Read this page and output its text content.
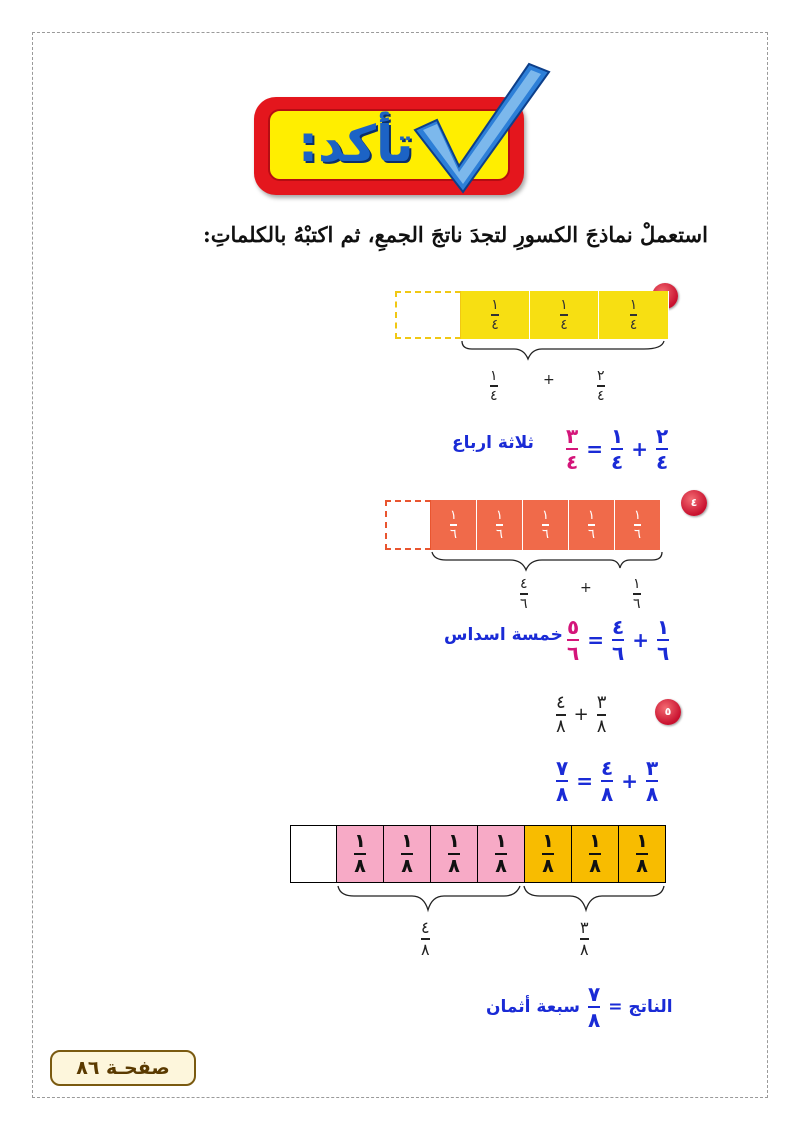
تأكد:
استعملْ نماذجَ الكسورِ لتجدَ ناتجَ الجمعِ، ثم اكتبْهُ بالكلماتِ:
$\frac{١}{٤}$	$\frac{١}{٤}$	$\frac{١}{٤}$
$\frac{١}{٤}$	+	$\frac{٢}{٤}$
$\frac{٣}{٤} = \frac{١}{٤} + \frac{٢}{٤}$
ثلاثة ارباع
٤
$\frac{١}{٦}$	$\frac{١}{٦}$	$\frac{١}{٦}$	$\frac{١}{٦}$	$\frac{١}{٦}$
$\frac{٤}{٦}$	+	$\frac{١}{٦}$
$\frac{٥}{٦} = \frac{٤}{٦} + \frac{١}{٦}$
خمسة اسداس
٥
$\frac{٤}{٨} + \frac{٣}{٨}$
$\frac{٧}{٨} = \frac{٤}{٨} + \frac{٣}{٨}$
$\frac{١}{٨} \frac{١}{٨} \frac{١}{٨} \frac{١}{٨} \frac{١}{٨} \frac{١}{٨} \frac{١}{٨}$
$\frac{٤}{٨}$	$\frac{٣}{٨}$
سبعة أثمان $\frac{٧}{٨}$ الناتج =
صفحـة ٨٦
